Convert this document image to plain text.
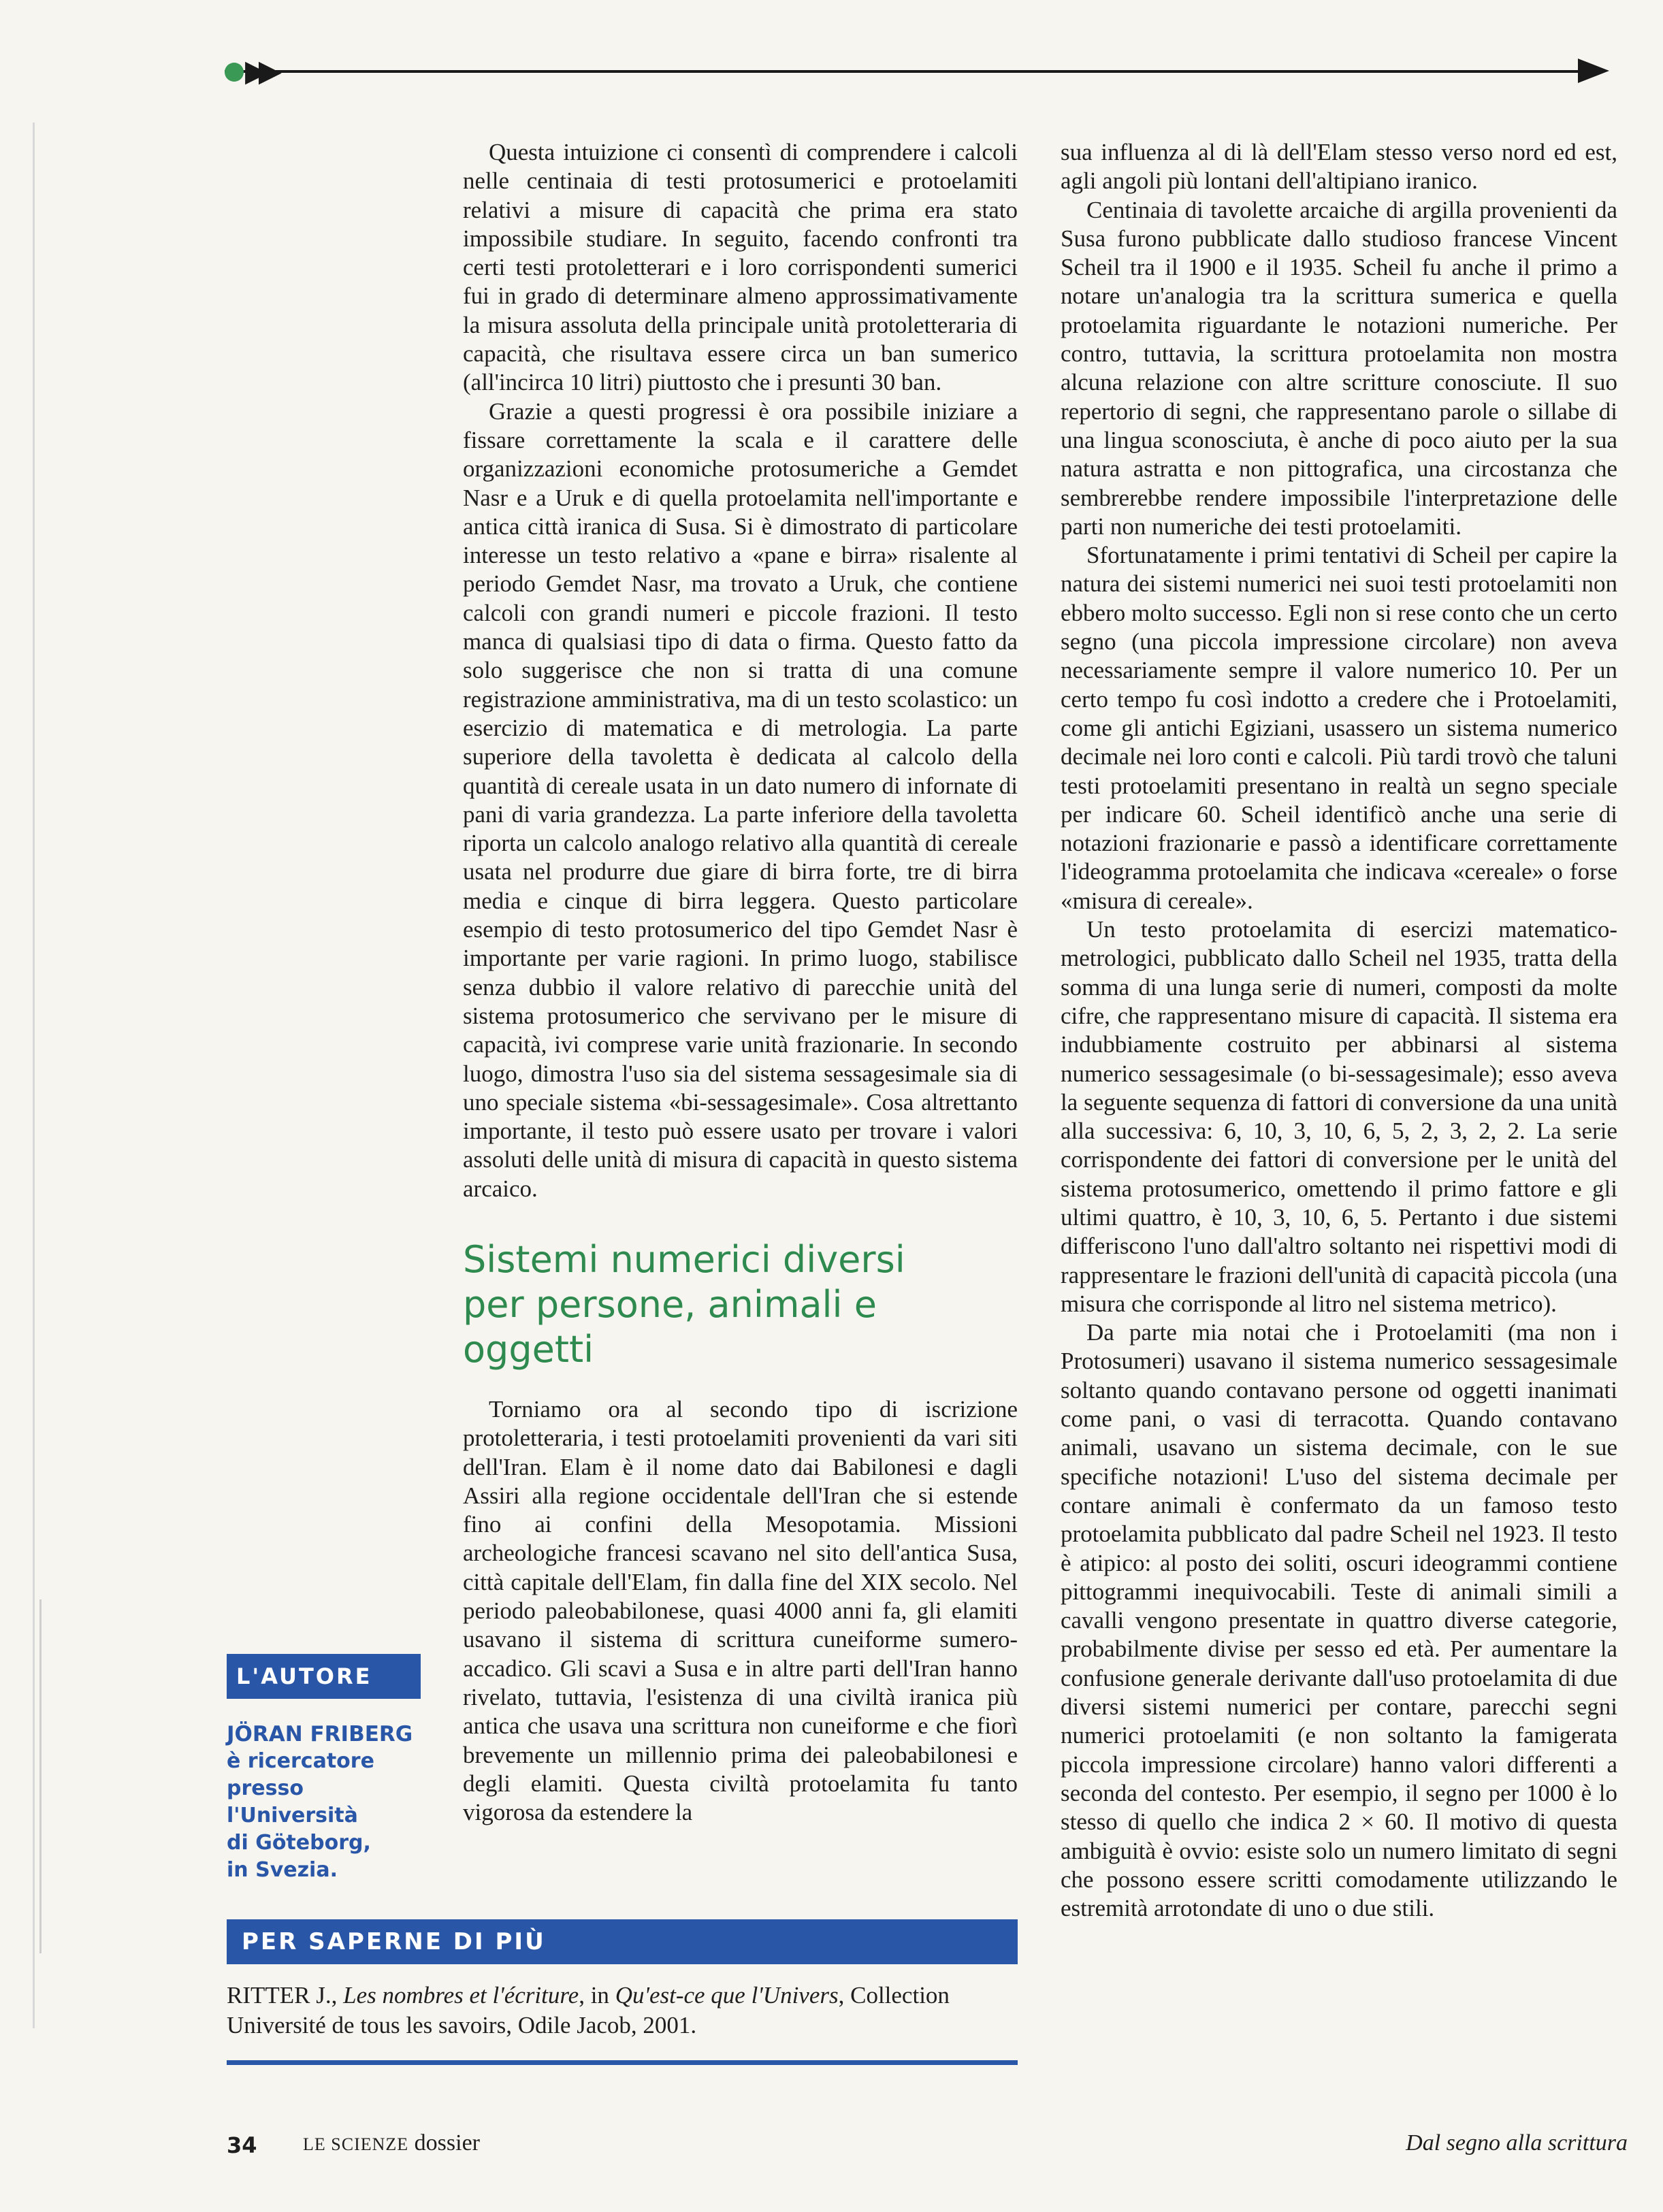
▶▶

Questa intuizione ci consentì di comprendere i calcoli nelle centinaia di testi protosumerici e protoelamiti relativi a misure di capacità che prima era stato impossibile studiare. In seguito, facendo confronti tra certi testi protoletterari e i loro corrispondenti sumerici fui in grado di determinare almeno approssimativamente la misura assoluta della principale unità protoletteraria di capacità, che risultava essere circa un ban sumerico (all'incirca 10 litri) piuttosto che i presunti 30 ban.

Grazie a questi progressi è ora possibile iniziare a fissare correttamente la scala e il carattere delle organizzazioni economiche protosumeriche a Gemdet Nasr e a Uruk e di quella protoelamita nell'importante e antica città iranica di Susa. Si è dimostrato di particolare interesse un testo relativo a «pane e birra» risalente al periodo Gemdet Nasr, ma trovato a Uruk, che contiene calcoli con grandi numeri e piccole frazioni. Il testo manca di qualsiasi tipo di data o firma. Questo fatto da solo suggerisce che non si tratta di una comune registrazione amministrativa, ma di un testo scolastico: un esercizio di matematica e di metrologia. La parte superiore della tavoletta è dedicata al calcolo della quantità di cereale usata in un dato numero di infornate di pani di varia grandezza. La parte inferiore della tavoletta riporta un calcolo analogo relativo alla quantità di cereale usata nel produrre due giare di birra forte, tre di birra media e cinque di birra leggera. Questo particolare esempio di testo protosumerico del tipo Gemdet Nasr è importante per varie ragioni. In primo luogo, stabilisce senza dubbio il valore relativo di parecchie unità del sistema protosumerico che servivano per le misure di capacità, ivi comprese varie unità frazionarie. In secondo luogo, dimostra l'uso sia del sistema sessagesimale sia di uno speciale sistema «bi-sessagesimale». Cosa altrettanto importante, il testo può essere usato per trovare i valori assoluti delle unità di misura di capacità in questo sistema arcaico.

Sistemi numerici diversi
per persone, animali e oggetti

Torniamo ora al secondo tipo di iscrizione protoletteraria, i testi protoelamiti provenienti da vari siti dell'Iran. Elam è il nome dato dai Babilonesi e dagli Assiri alla regione occidentale dell'Iran che si estende fino ai confini della Mesopotamia. Missioni archeologiche francesi scavano nel sito dell'antica Susa, città capitale dell'Elam, fin dalla fine del XIX secolo. Nel periodo paleobabilonese, quasi 4000 anni fa, gli elamiti usavano il sistema di scrittura cuneiforme sumero-accadico. Gli scavi a Susa e in altre parti dell'Iran hanno rivelato, tuttavia, l'esistenza di una civiltà iranica più antica che usava una scrittura non cuneiforme e che fiorì brevemente un millennio prima dei paleobabilonesi e degli elamiti. Questa civiltà protoelamita fu tanto vigorosa da estendere la

sua influenza al di là dell'Elam stesso verso nord ed est, agli angoli più lontani dell'altipiano iranico.

Centinaia di tavolette arcaiche di argilla provenienti da Susa furono pubblicate dallo studioso francese Vincent Scheil tra il 1900 e il 1935. Scheil fu anche il primo a notare un'analogia tra la scrittura sumerica e quella protoelamita riguardante le notazioni numeriche. Per contro, tuttavia, la scrittura protoelamita non mostra alcuna relazione con altre scritture conosciute. Il suo repertorio di segni, che rappresentano parole o sillabe di una lingua sconosciuta, è anche di poco aiuto per la sua natura astratta e non pittografica, una circostanza che sembrerebbe rendere impossibile l'interpretazione delle parti non numeriche dei testi protoelamiti.

Sfortunatamente i primi tentativi di Scheil per capire la natura dei sistemi numerici nei suoi testi protoelamiti non ebbero molto successo. Egli non si rese conto che un certo segno (una piccola impressione circolare) non aveva necessariamente sempre il valore numerico 10. Per un certo tempo fu così indotto a credere che i Protoelamiti, come gli antichi Egiziani, usassero un sistema numerico decimale nei loro conti e calcoli. Più tardi trovò che taluni testi protoelamiti presentano in realtà un segno speciale per indicare 60. Scheil identificò anche una serie di notazioni frazionarie e passò a identificare correttamente l'ideogramma protoelamita che indicava «cereale» o forse «misura di cereale».

Un testo protoelamita di esercizi matematico-metrologici, pubblicato dallo Scheil nel 1935, tratta della somma di una lunga serie di numeri, composti da molte cifre, che rappresentano misure di capacità. Il sistema era indubbiamente costruito per abbinarsi al sistema numerico sessagesimale (o bi-sessagesimale); esso aveva la seguente sequenza di fattori di conversione da una unità alla successiva: 6, 10, 3, 10, 6, 5, 2, 3, 2, 2. La serie corrispondente dei fattori di conversione per le unità del sistema protosumerico, omettendo il primo fattore e gli ultimi quattro, è 10, 3, 10, 6, 5. Pertanto i due sistemi differiscono l'uno dall'altro soltanto nei rispettivi modi di rappresentare le frazioni dell'unità di capacità piccola (una misura che corrisponde al litro nel sistema metrico).

Da parte mia notai che i Protoelamiti (ma non i Protosumeri) usavano il sistema numerico sessagesimale soltanto quando contavano persone od oggetti inanimati come pani, o vasi di terracotta. Quando contavano animali, usavano un sistema decimale, con le sue specifiche notazioni! L'uso del sistema decimale per contare animali è confermato da un famoso testo protoelamita pubblicato dal padre Scheil nel 1923. Il testo è atipico: al posto dei soliti, oscuri ideogrammi contiene pittogrammi inequivocabili. Teste di animali simili a cavalli vengono presentate in quattro diverse categorie, probabilmente divise per sesso ed età. Per aumentare la confusione generale derivante dall'uso protoelamita di due diversi sistemi numerici per contare, parecchi segni numerici protoelamiti (e non soltanto la famigerata piccola impressione circolare) hanno valori differenti a seconda del contesto. Per esempio, il segno per 1000 è lo stesso di quello che indica 2 × 60. Il motivo di questa ambiguità è ovvio: esiste solo un numero limitato di segni che possono essere scritti comodamente utilizzando le estremità arrotondate di uno o due stili.

L'AUTORE
JÖRAN FRIBERG
è ricercatore
presso
l'Università
di Göteborg,
in Svezia.
PER SAPERNE DI PIÙ
RITTER J., Les nombres et l'écriture, in Qu'est-ce que l'Univers, Collection
Université de tous les savoirs, Odile Jacob, 2001.
34	LE SCIENZE dossier	Dal segno alla scrittura
